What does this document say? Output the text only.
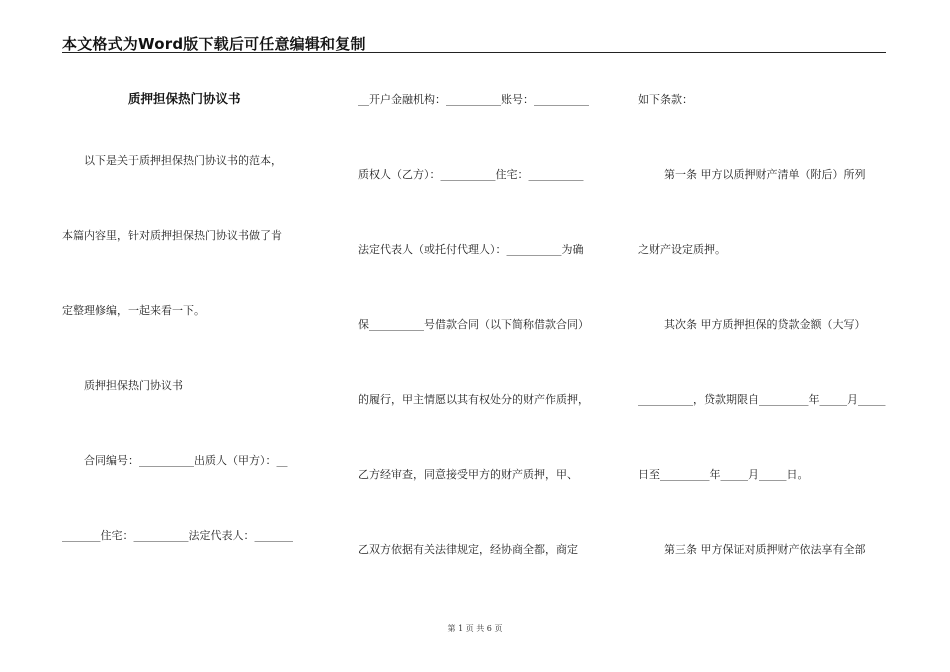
本文格式为Word版下载后可任意编辑和复制
质押担保热门协议书
以下是关于质押担保热门协议书的范本，
本篇内容里，针对质押担保热门协议书做了肯
定整理修编，一起来看一下。
质押担保热门协议书
合同编号：__________出质人（甲方）：__
_______住宅：__________法定代表人：_______
__开户金融机构：__________账号：__________
质权人（乙方）：__________住宅：__________
法定代表人（或托付代理人）：__________为确
保__________号借款合同（以下简称借款合同）
的履行，甲主情愿以其有权处分的财产作质押，
乙方经审查，同意接受甲方的财产质押，甲、
乙双方依据有关法律规定，经协商全都，商定
如下条款：
第一条 甲方以质押财产清单（附后）所列
之财产设定质押。
其次条 甲方质押担保的贷款金额（大写）
__________，贷款期限自_________年_____月_____
日至_________年_____月_____日。
第三条 甲方保证对质押财产依法享有全部
第 1 页 共 6 页
